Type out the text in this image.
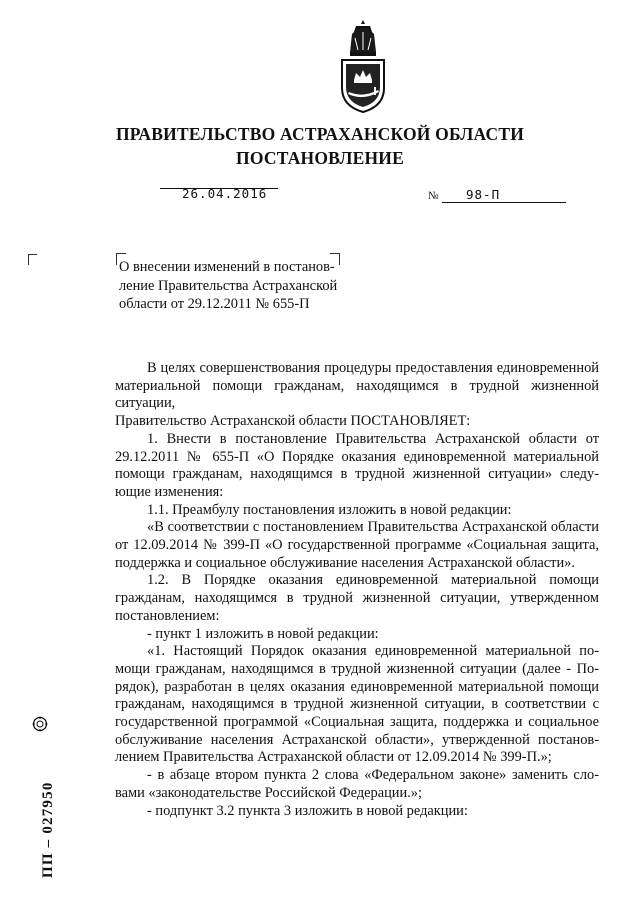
ПРАВИТЕЛЬСТВО АСТРАХАНСКОЙ ОБЛАСТИ
ПОСТАНОВЛЕНИЕ
26.04.2016	№ 98-П
О внесении изменений в постанов-
ление Правительства Астраханской
области от 29.12.2011 № 655-П

В целях совершенствования процедуры предоставления единовременной материальной помощи гражданам, находящимся в трудной жизненной ситуации,

Правительство Астраханской области ПОСТАНОВЛЯЕТ:

1. Внести в постановление Правительства Астраханской области от 29.12.2011 № 655-П «О Порядке оказания единовременной материальной помощи гражданам, находящимся в трудной жизненной ситуации» следующие изменения:

1.1. Преамбулу постановления изложить в новой редакции:

«В соответствии с постановлением Правительства Астраханской области от 12.09.2014 № 399-П «О государственной программе «Социальная защита, поддержка и социальное обслуживание населения Астраханской области».

1.2. В Порядке оказания единовременной материальной помощи гражданам, находящимся в трудной жизненной ситуации, утвержденном постановлением:

- пункт 1 изложить в новой редакции:

«1. Настоящий Порядок оказания единовременной материальной помощи гражданам, находящимся в трудной жизненной ситуации (далее - Порядок), разработан в целях оказания единовременной материальной помощи гражданам, находящимся в трудной жизненной ситуации, в соответствии с государственной программой «Социальная защита, поддержка и социальное обслуживание населения Астраханской области», утвержденной постановлением Правительства Астраханской области от 12.09.2014 № 399-П.»;

- в абзаце втором пункта 2 слова «Федеральном законе» заменить словами «законодательстве Российской Федерации.»;

- подпункт 3.2 пункта 3 изложить в новой редакции:

ПП – 027950
